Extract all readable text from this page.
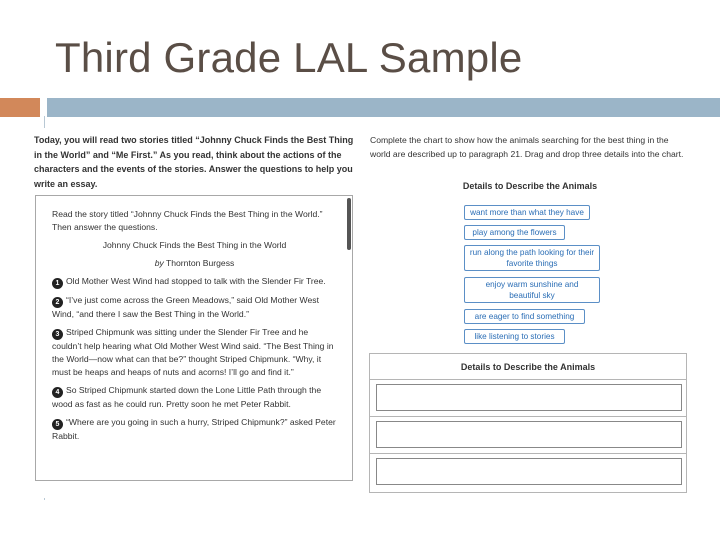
Third Grade LAL Sample
Today, you will read two stories titled “Johnny Chuck Finds the Best Thing in the World” and “Me First.” As you read, think about the actions of the characters and the events of the stories. Answer the questions to help you write an essay.

Read the story titled “Johnny Chuck Finds the Best Thing in the World.” Then answer the questions.

Johnny Chuck Finds the Best Thing in the World

by Thornton Burgess

1 Old Mother West Wind had stopped to talk with the Slender Fir Tree.

2 “I’ve just come across the Green Meadows,” said Old Mother West Wind, “and there I saw the Best Thing in the World.”

3 Striped Chipmunk was sitting under the Slender Fir Tree and he couldn’t help hearing what Old Mother West Wind said. “The Best Thing in the World—now what can that be?” thought Striped Chipmunk. “Why, it must be heaps and heaps of nuts and acorns! I’ll go and find it.”

4 So Striped Chipmunk started down the Lone Little Path through the wood as fast as he could run. Pretty soon he met Peter Rabbit.

5 “Where are you going in such a hurry, Striped Chipmunk?” asked Peter Rabbit.

Complete the chart to show how the animals searching for the best thing in the world are described up to paragraph 21. Drag and drop three details into the chart.
Details to Describe the Animals
want more than what they have
play among the flowers
run along the path looking for their favorite things
enjoy warm sunshine and beautiful sky
are eager to find something
like listening to stories
Details to Describe the Animals
